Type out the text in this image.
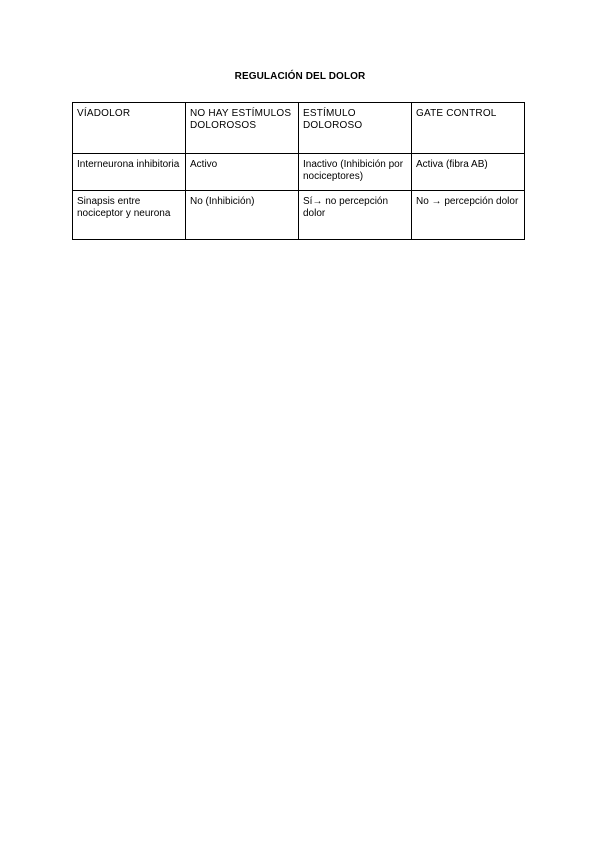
REGULACIÓN DEL DOLOR
VÍADOLOR	NO HAY ESTÍMULOS DOLOROSOS	ESTÍMULO DOLOROSO	GATE CONTROL
Interneurona inhibitoria	Activo	Inactivo (Inhibición por nociceptores)	Activa (fibra AB)
Sinapsis entre nociceptor y neurona	No (Inhibición)	Sí→ no percepción dolor	No → percepción dolor
